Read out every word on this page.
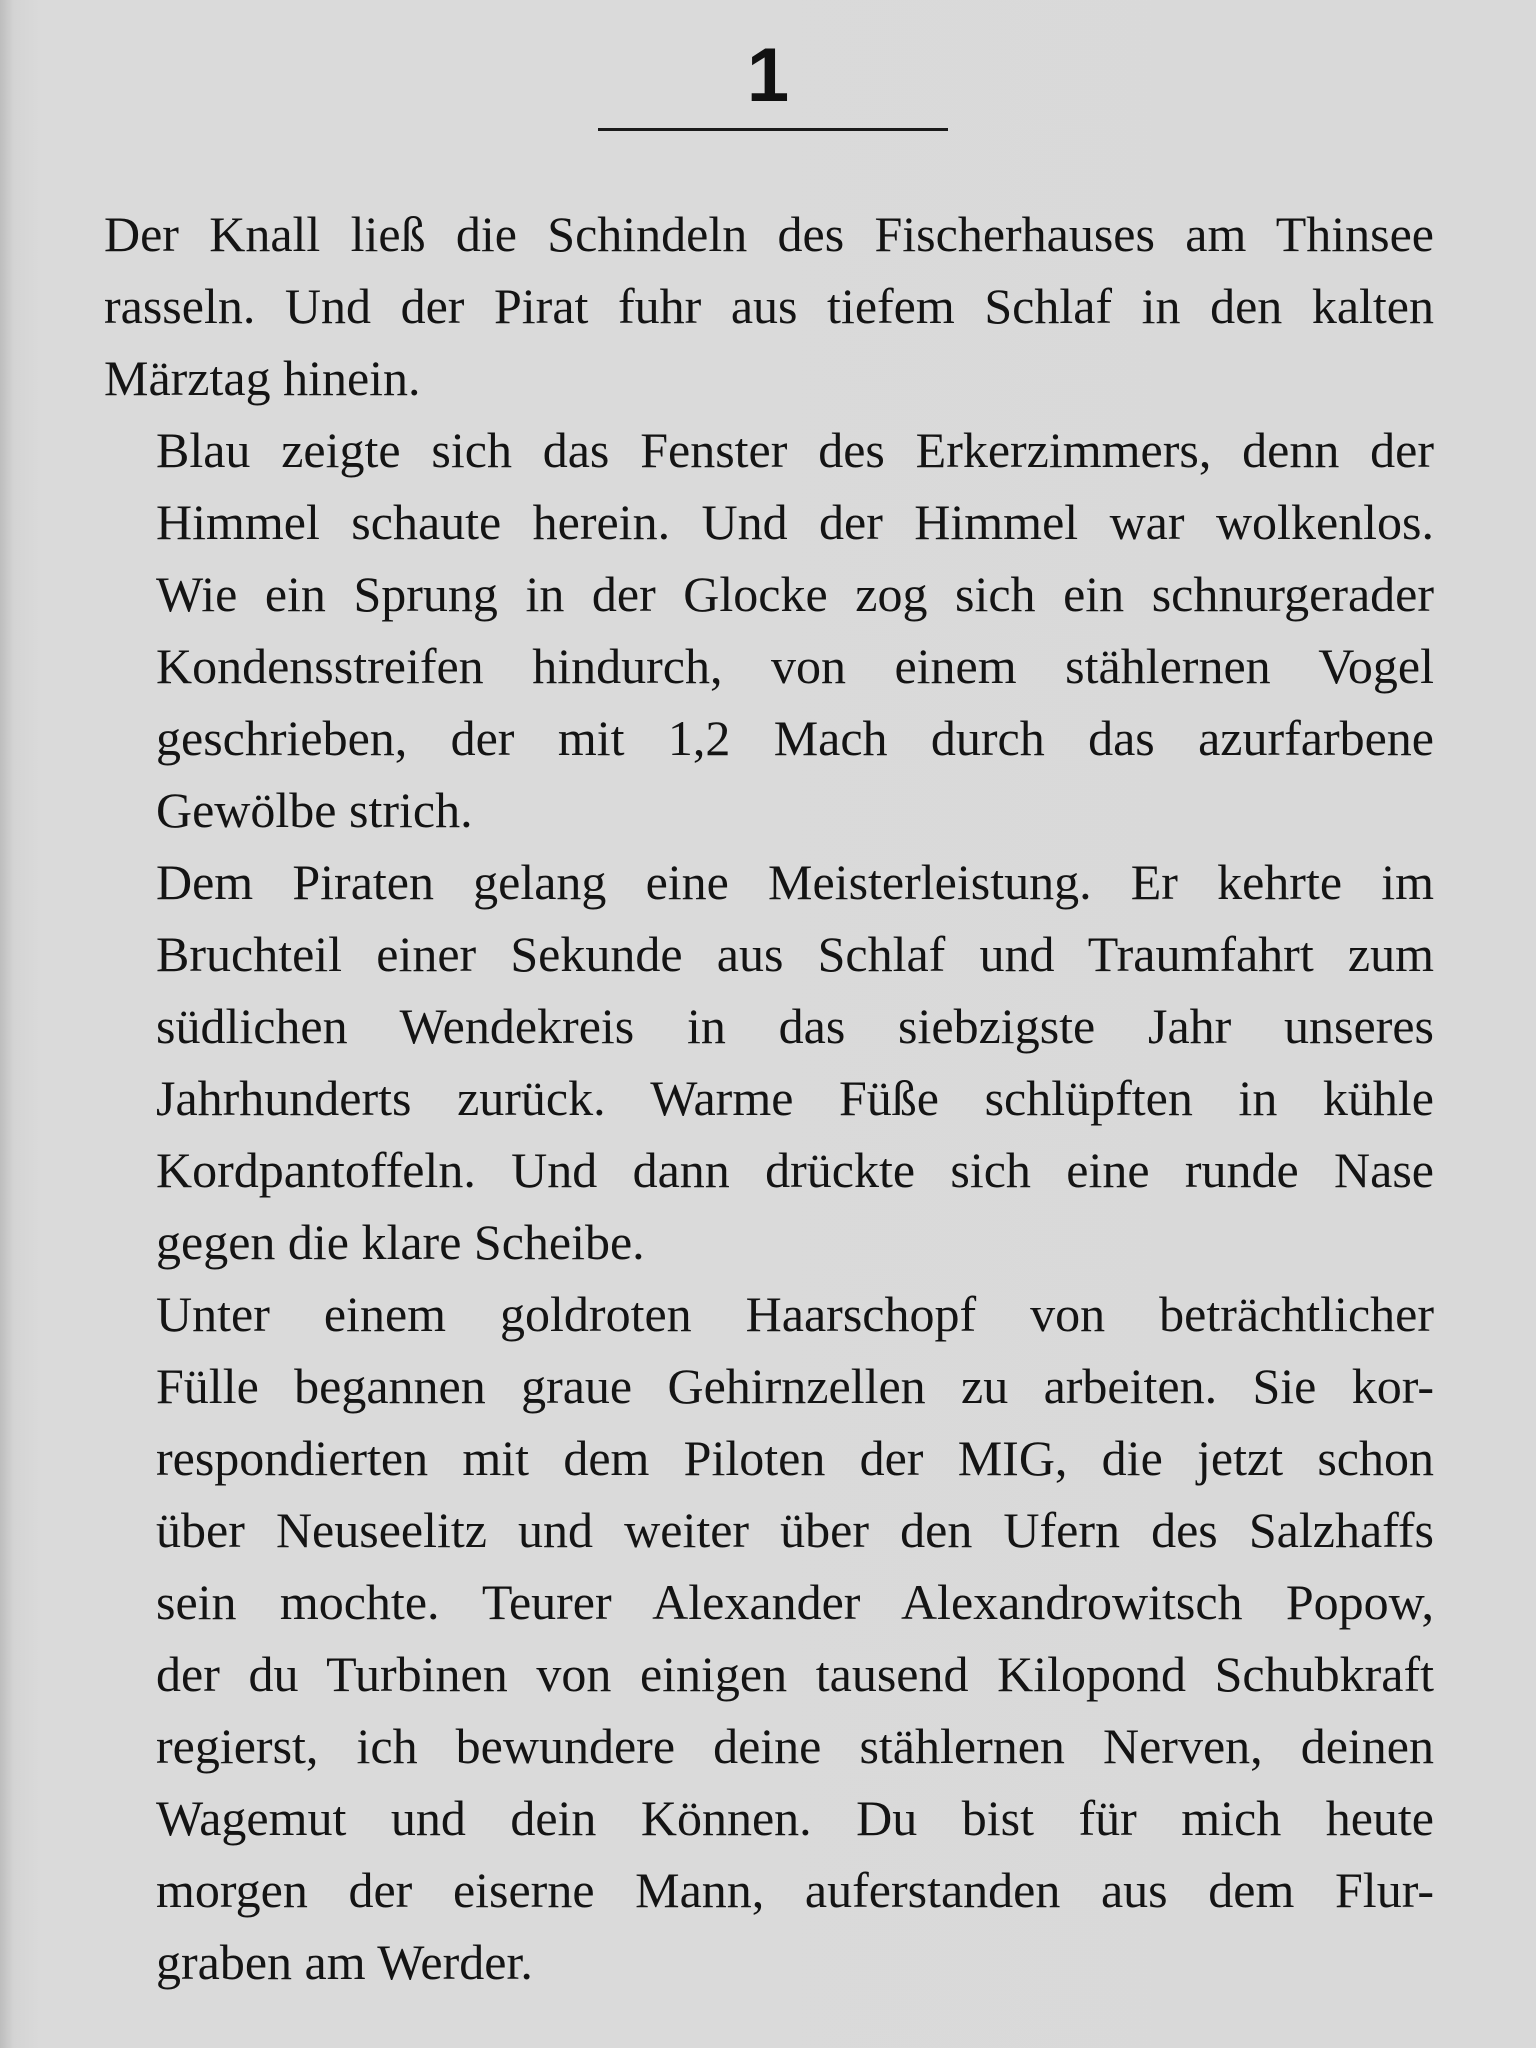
1

Der Knall ließ die Schindeln des Fischerhauses am Thinsee
rasseln. Und der Pirat fuhr aus tiefem Schlaf in den kalten
Märztag hinein.

Blau zeigte sich das Fenster des Erkerzimmers, denn der
Himmel schaute herein. Und der Himmel war wolkenlos.
Wie ein Sprung in der Glocke zog sich ein schnurgerader
Kondensstreifen hindurch, von einem stählernen Vogel
geschrieben, der mit 1,2 Mach durch das azurfarbene
Gewölbe strich.

Dem Piraten gelang eine Meisterleistung. Er kehrte im
Bruchteil einer Sekunde aus Schlaf und Traumfahrt zum
südlichen Wendekreis in das siebzigste Jahr unseres
Jahrhunderts zurück. Warme Füße schlüpften in kühle
Kordpantoffeln. Und dann drückte sich eine runde Nase
gegen die klare Scheibe.

Unter einem goldroten Haarschopf von beträchtlicher
Fülle begannen graue Gehirnzellen zu arbeiten. Sie kor-
respondierten mit dem Piloten der MIG, die jetzt schon
über Neuseelitz und weiter über den Ufern des Salzhaffs
sein mochte. Teurer Alexander Alexandrowitsch Popow,
der du Turbinen von einigen tausend Kilopond Schubkraft
regierst, ich bewundere deine stählernen Nerven, deinen
Wagemut und dein Können. Du bist für mich heute
morgen der eiserne Mann, auferstanden aus dem Flur-
graben am Werder.
